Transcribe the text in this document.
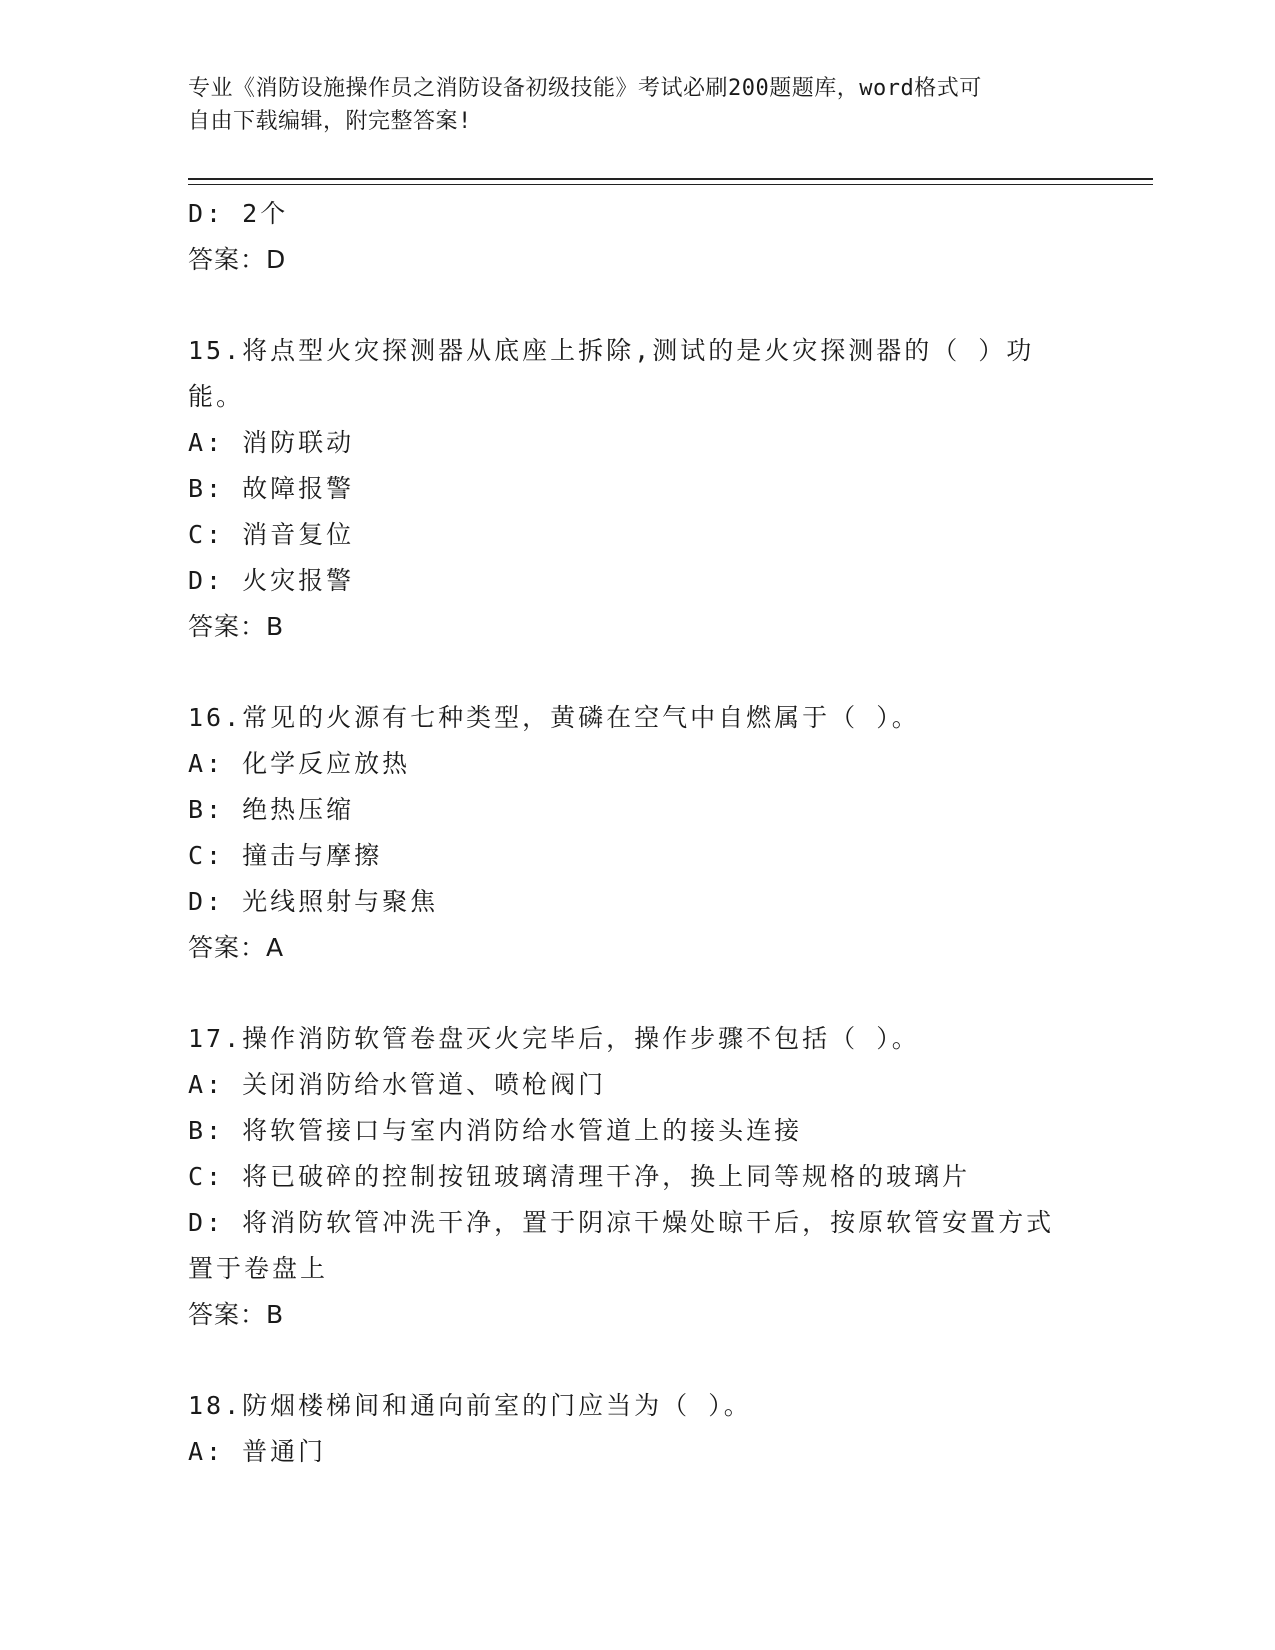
专业《消防设施操作员之消防设备初级技能》考试必刷200题题库，word格式可
自由下载编辑，附完整答案!
D: 2个
答案：D
15.将点型火灾探测器从底座上拆除,测试的是火灾探测器的（ ）功
能。
A: 消防联动
B: 故障报警
C: 消音复位
D: 火灾报警
答案：B
16.常见的火源有七种类型，黄磷在空气中自燃属于（ ）。
A: 化学反应放热
B: 绝热压缩
C: 撞击与摩擦
D: 光线照射与聚焦
答案：A
17.操作消防软管卷盘灭火完毕后，操作步骤不包括（ ）。
A: 关闭消防给水管道、喷枪阀门
B: 将软管接口与室内消防给水管道上的接头连接
C: 将已破碎的控制按钮玻璃清理干净，换上同等规格的玻璃片
D: 将消防软管冲洗干净，置于阴凉干燥处晾干后，按原软管安置方式
置于卷盘上
答案：B
18.防烟楼梯间和通向前室的门应当为（ ）。
A: 普通门
